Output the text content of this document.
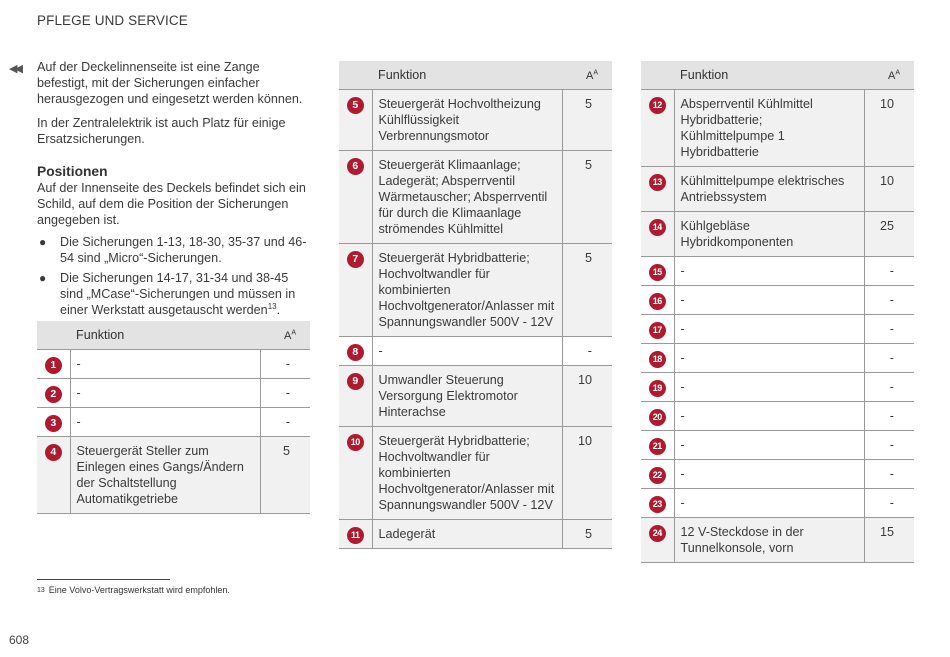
PFLEGE UND SERVICE
◀◀ Auf der Deckelinnenseite ist eine Zange befestigt, mit der Sicherungen einfacher herausgezogen und eingesetzt werden können.

In der Zentralelektrik ist auch Platz für einige Ersatzsicherungen.

Positionen
Auf der Innenseite des Deckels befindet sich ein Schild, auf dem die Position der Sicherungen angegeben ist.
● Die Sicherungen 1-13, 18-30, 35-37 und 46-54 sind „Micro“-Sicherungen.
● Die Sicherungen 14-17, 31-34 und 38-45 sind „MCase“-Sicherungen und müssen in einer Werkstatt ausgetauscht werden$^{13}$.
	Funktion	$A^A$
1	-	-
2	-	-
3	-	-
4	Steuergerät Steller zum Einlegen eines Gangs/Ändern der Schaltstellung Automatikgetriebe	5
	Funktion	$A^A$
5	Steuergerät Hochvoltheizung Kühlflüssigkeit Verbrennungsmotor	5
6	Steuergerät Klimaanlage; Ladegerät; Absperrventil Wärmetauscher; Absperrventil für durch die Klimaanlage strömendes Kühlmittel	5
7	Steuergerät Hybridbatterie; Hochvoltwandler für kombinierten Hochvoltgenerator/Anlasser mit Spannungswandler 500V - 12V	5
8	-	-
9	Umwandler Steuerung Versorgung Elektromotor Hinterachse	10
10	Steuergerät Hybridbatterie; Hochvoltwandler für kombinierten Hochvoltgenerator/Anlasser mit Spannungswandler 500V - 12V	10
11	Ladegerät	5
	Funktion	$A^A$
12	Absperrventil Kühlmittel Hybridbatterie; Kühlmittelpumpe 1 Hybridbatterie	10
13	Kühlmittelpumpe elektrisches Antriebssystem	10
14	Kühlgebläse Hybridkomponenten	25
15	-	-
16	-	-
17	-	-
18	-	-
19	-	-
20	-	-
21	-	-
22	-	-
23	-	-
24	12 V-Steckdose in der Tunnelkonsole, vorn	15
$^{13}$ Eine Volvo-Vertragswerkstatt wird empfohlen.
608
